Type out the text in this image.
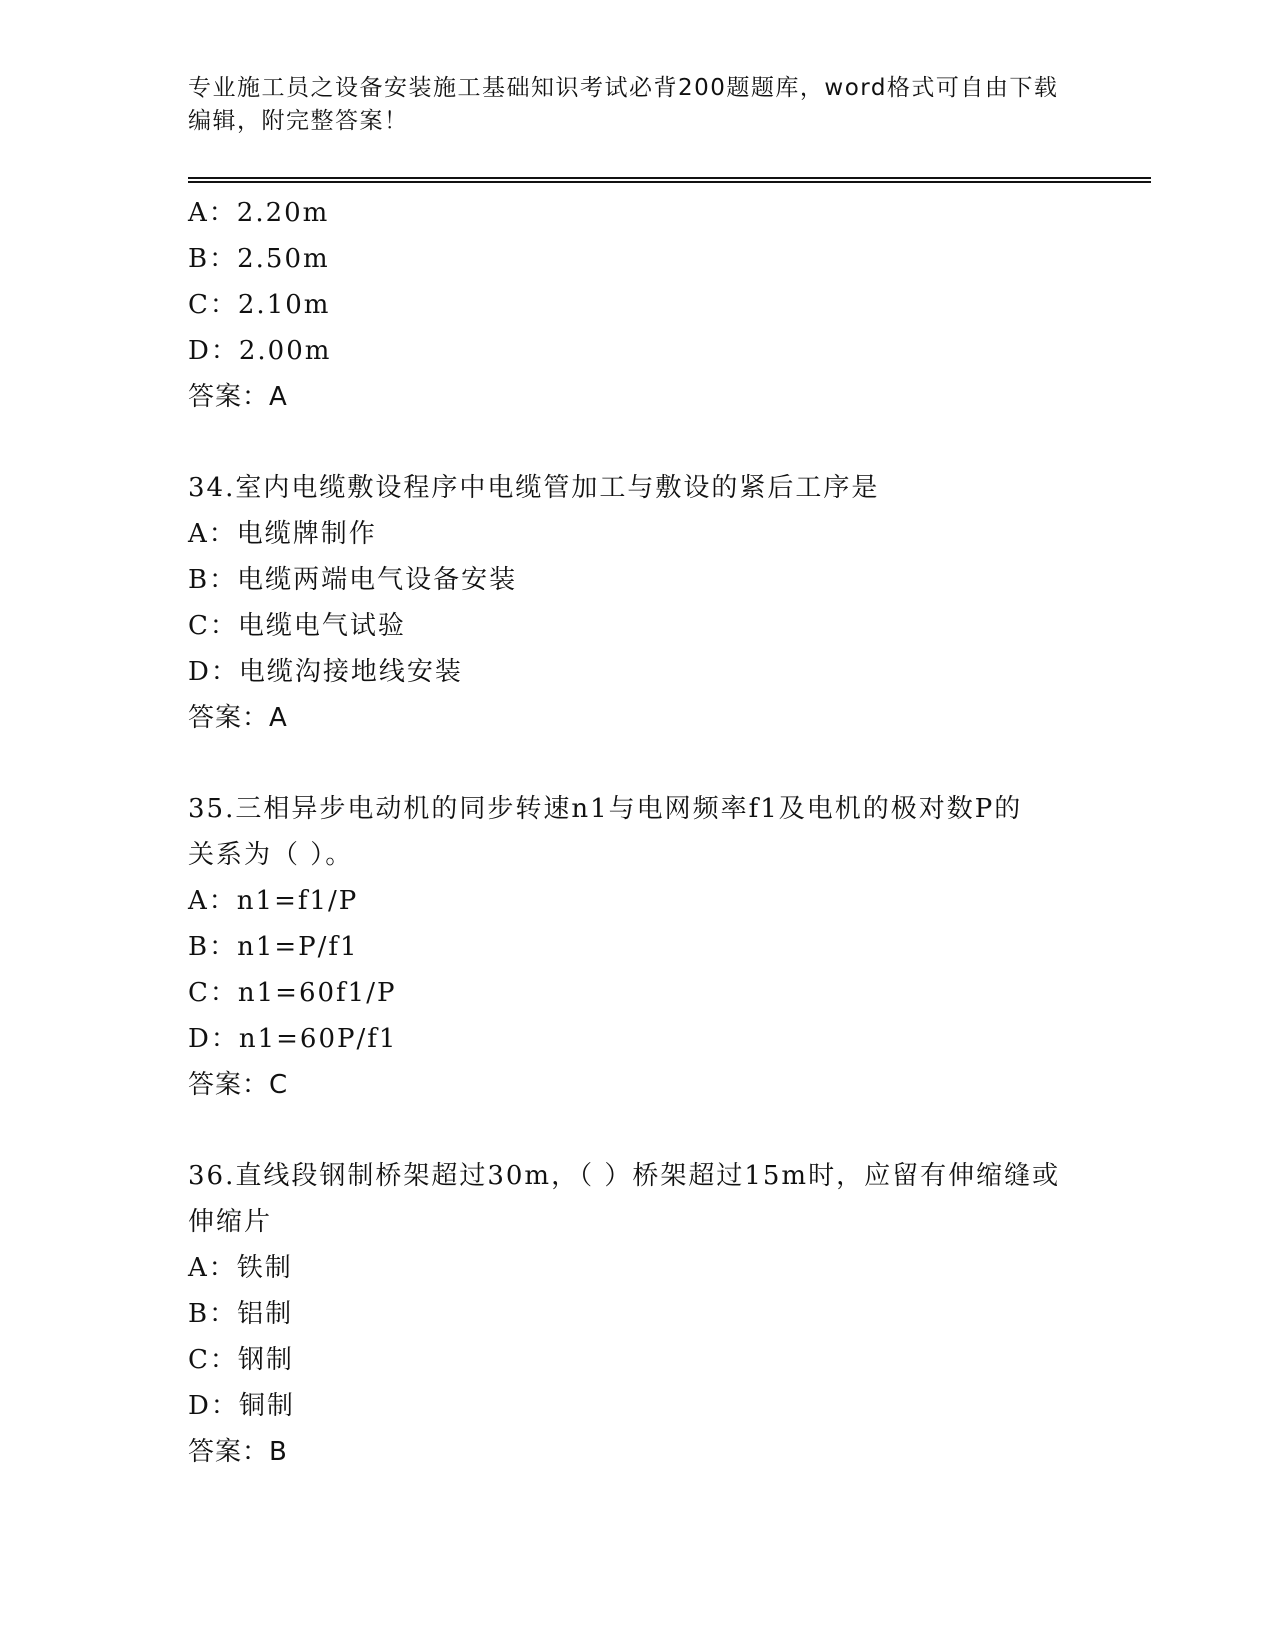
专业施工员之设备安装施工基础知识考试必背200题题库，word格式可自由下载
编辑，附完整答案！
A：2.20m
B：2.50m
C：2.10m
D：2.00m
答案：A
34.室内电缆敷设程序中电缆管加工与敷设的紧后工序是
A：电缆牌制作
B：电缆两端电气设备安装
C：电缆电气试验
D：电缆沟接地线安装
答案：A
35.三相异步电动机的同步转速n1与电网频率f1及电机的极对数P的
关系为（ ）。
A：n1=f1/P
B：n1=P/f1
C：n1=60f1/P
D：n1=60P/f1
答案：C
36.直线段钢制桥架超过30m，（ ）桥架超过15m时，应留有伸缩缝或
伸缩片
A：铁制
B：铝制
C：钢制
D：铜制
答案：B
